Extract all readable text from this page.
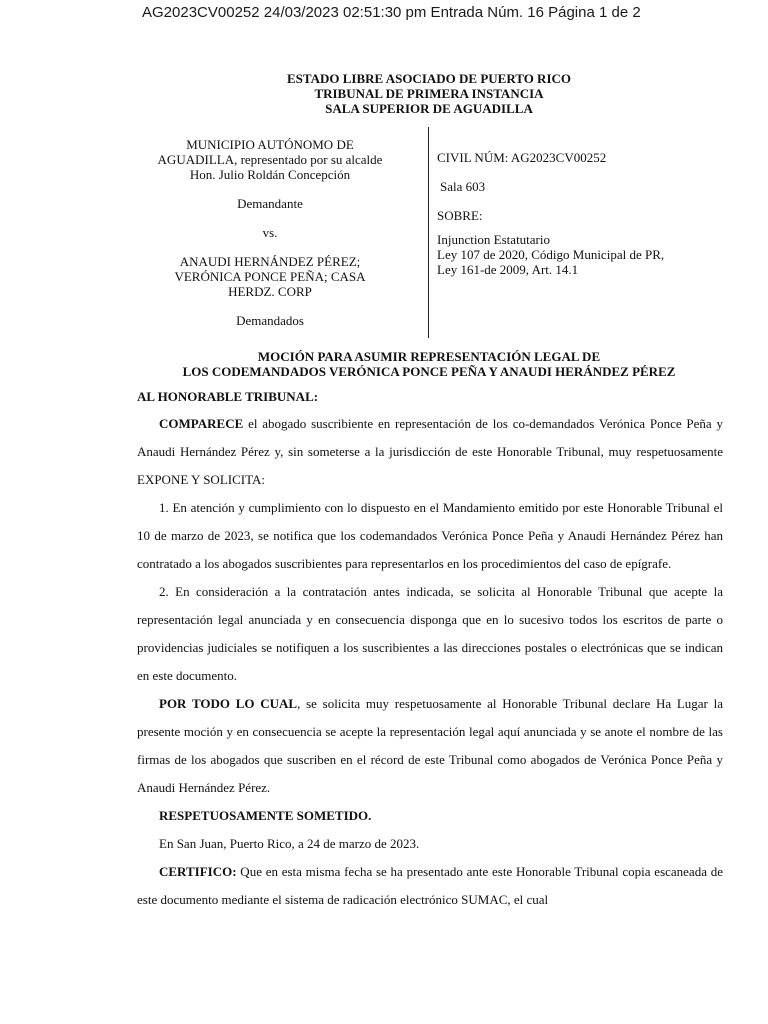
AG2023CV00252 24/03/2023 02:51:30 pm Entrada Núm. 16 Página 1 de 2
ESTADO LIBRE ASOCIADO DE PUERTO RICO
TRIBUNAL DE PRIMERA INSTANCIA
SALA SUPERIOR DE AGUADILLA
MUNICIPIO AUTÓNOMO DE
AGUADILLA, representado por su alcalde
Hon. Julio Roldán Concepción
Demandante
vs.
ANAUDI HERNÁNDEZ PÉREZ;
VERÓNICA PONCE PEÑA; CASA
HERDZ. CORP
Demandados
CIVIL NÚM: AG2023CV00252
Sala 603
SOBRE:
Injunction Estatutario
Ley 107 de 2020, Código Municipal de PR,
Ley 161-de 2009, Art. 14.1
MOCIÓN PARA ASUMIR REPRESENTACIÓN LEGAL DE
LOS CODEMANDADOS VERÓNICA PONCE PEÑA Y ANAUDI HERÁNDEZ PÉREZ

AL HONORABLE TRIBUNAL:

COMPARECE el abogado suscribiente en representación de los co-demandados Verónica Ponce Peña y Anaudi Hernández Pérez y, sin someterse a la jurisdicción de este Honorable Tribunal, muy respetuosamente EXPONE Y SOLICITA:

1. En atención y cumplimiento con lo dispuesto en el Mandamiento emitido por este Honorable Tribunal el 10 de marzo de 2023, se notifica que los codemandados Verónica Ponce Peña y Anaudi Hernández Pérez han contratado a los abogados suscribientes para representarlos en los procedimientos del caso de epígrafe.

2. En consideración a la contratación antes indicada, se solicita al Honorable Tribunal que acepte la representación legal anunciada y en consecuencia disponga que en lo sucesivo todos los escritos de parte o providencias judiciales se notifiquen a los suscribientes a las direcciones postales o electrónicas que se indican en este documento.

POR TODO LO CUAL, se solicita muy respetuosamente al Honorable Tribunal declare Ha Lugar la presente moción y en consecuencia se acepte la representación legal aquí anunciada y se anote el nombre de las firmas de los abogados que suscriben en el récord de este Tribunal como abogados de Verónica Ponce Peña y Anaudi Hernández Pérez.

RESPETUOSAMENTE SOMETIDO.

En San Juan, Puerto Rico, a 24 de marzo de 2023.

CERTIFICO: Que en esta misma fecha se ha presentado ante este Honorable Tribunal copia escaneada de este documento mediante el sistema de radicación electrónico SUMAC, el cual
